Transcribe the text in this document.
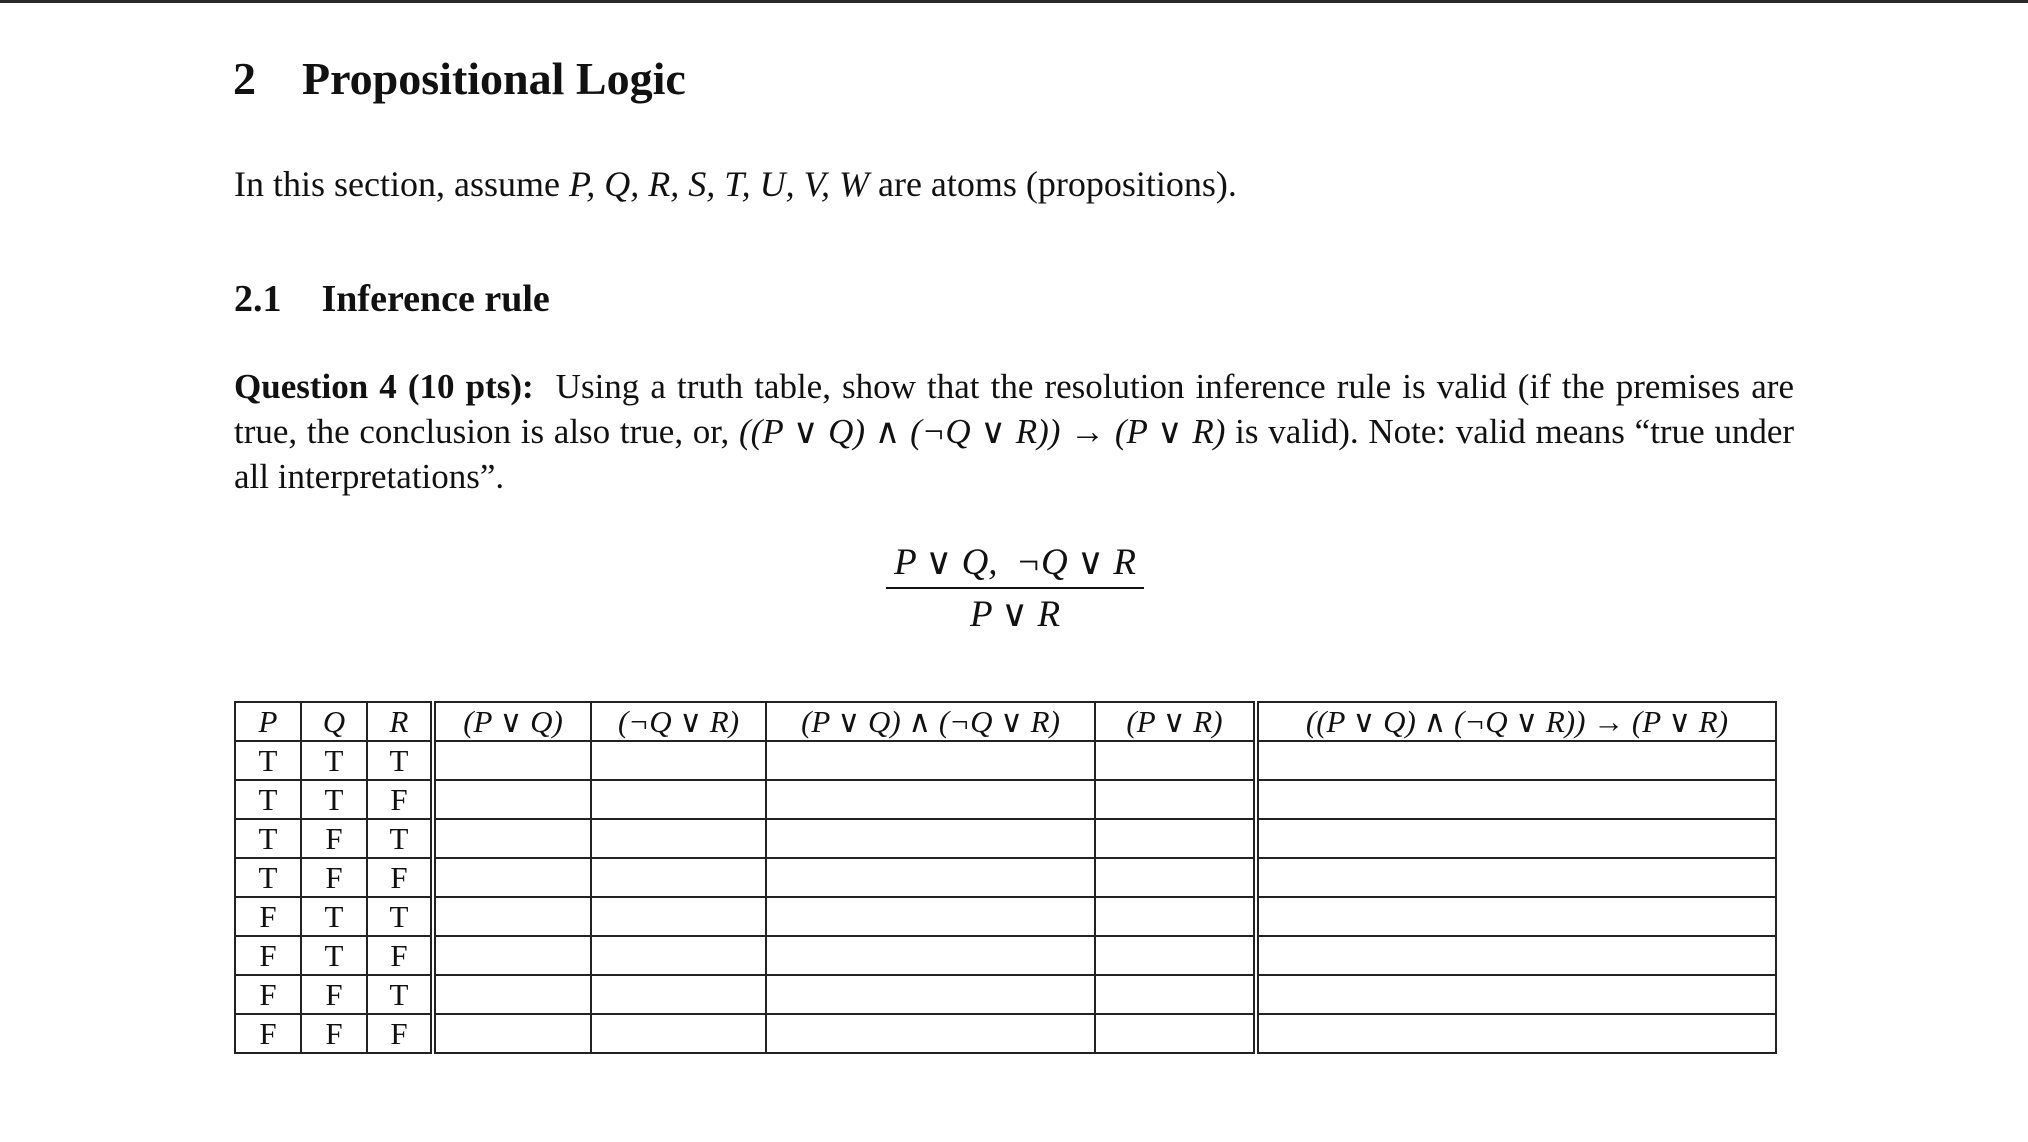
2 Propositional Logic
In this section, assume P, Q, R, S, T, U, V, W are atoms (propositions).
2.1 Inference rule
Question 4 (10 pts): Using a truth table, show that the resolution inference rule is valid (if the premises are true, the conclusion is also true, or, ((P ∨ Q) ∧ (¬Q ∨ R)) → (P ∨ R) is valid). Note: valid means “true under all interpretations”.
P ∨ Q,  ¬Q ∨ R
P ∨ R
P	Q	R	(P ∨ Q)	(¬Q ∨ R)	(P ∨ Q) ∧ (¬Q ∨ R)	(P ∨ R)	((P ∨ Q) ∧ (¬Q ∨ R)) → (P ∨ R)
T	T	T					
T	T	F					
T	F	T					
T	F	F					
F	T	T					
F	T	F					
F	F	T					
F	F	F					
